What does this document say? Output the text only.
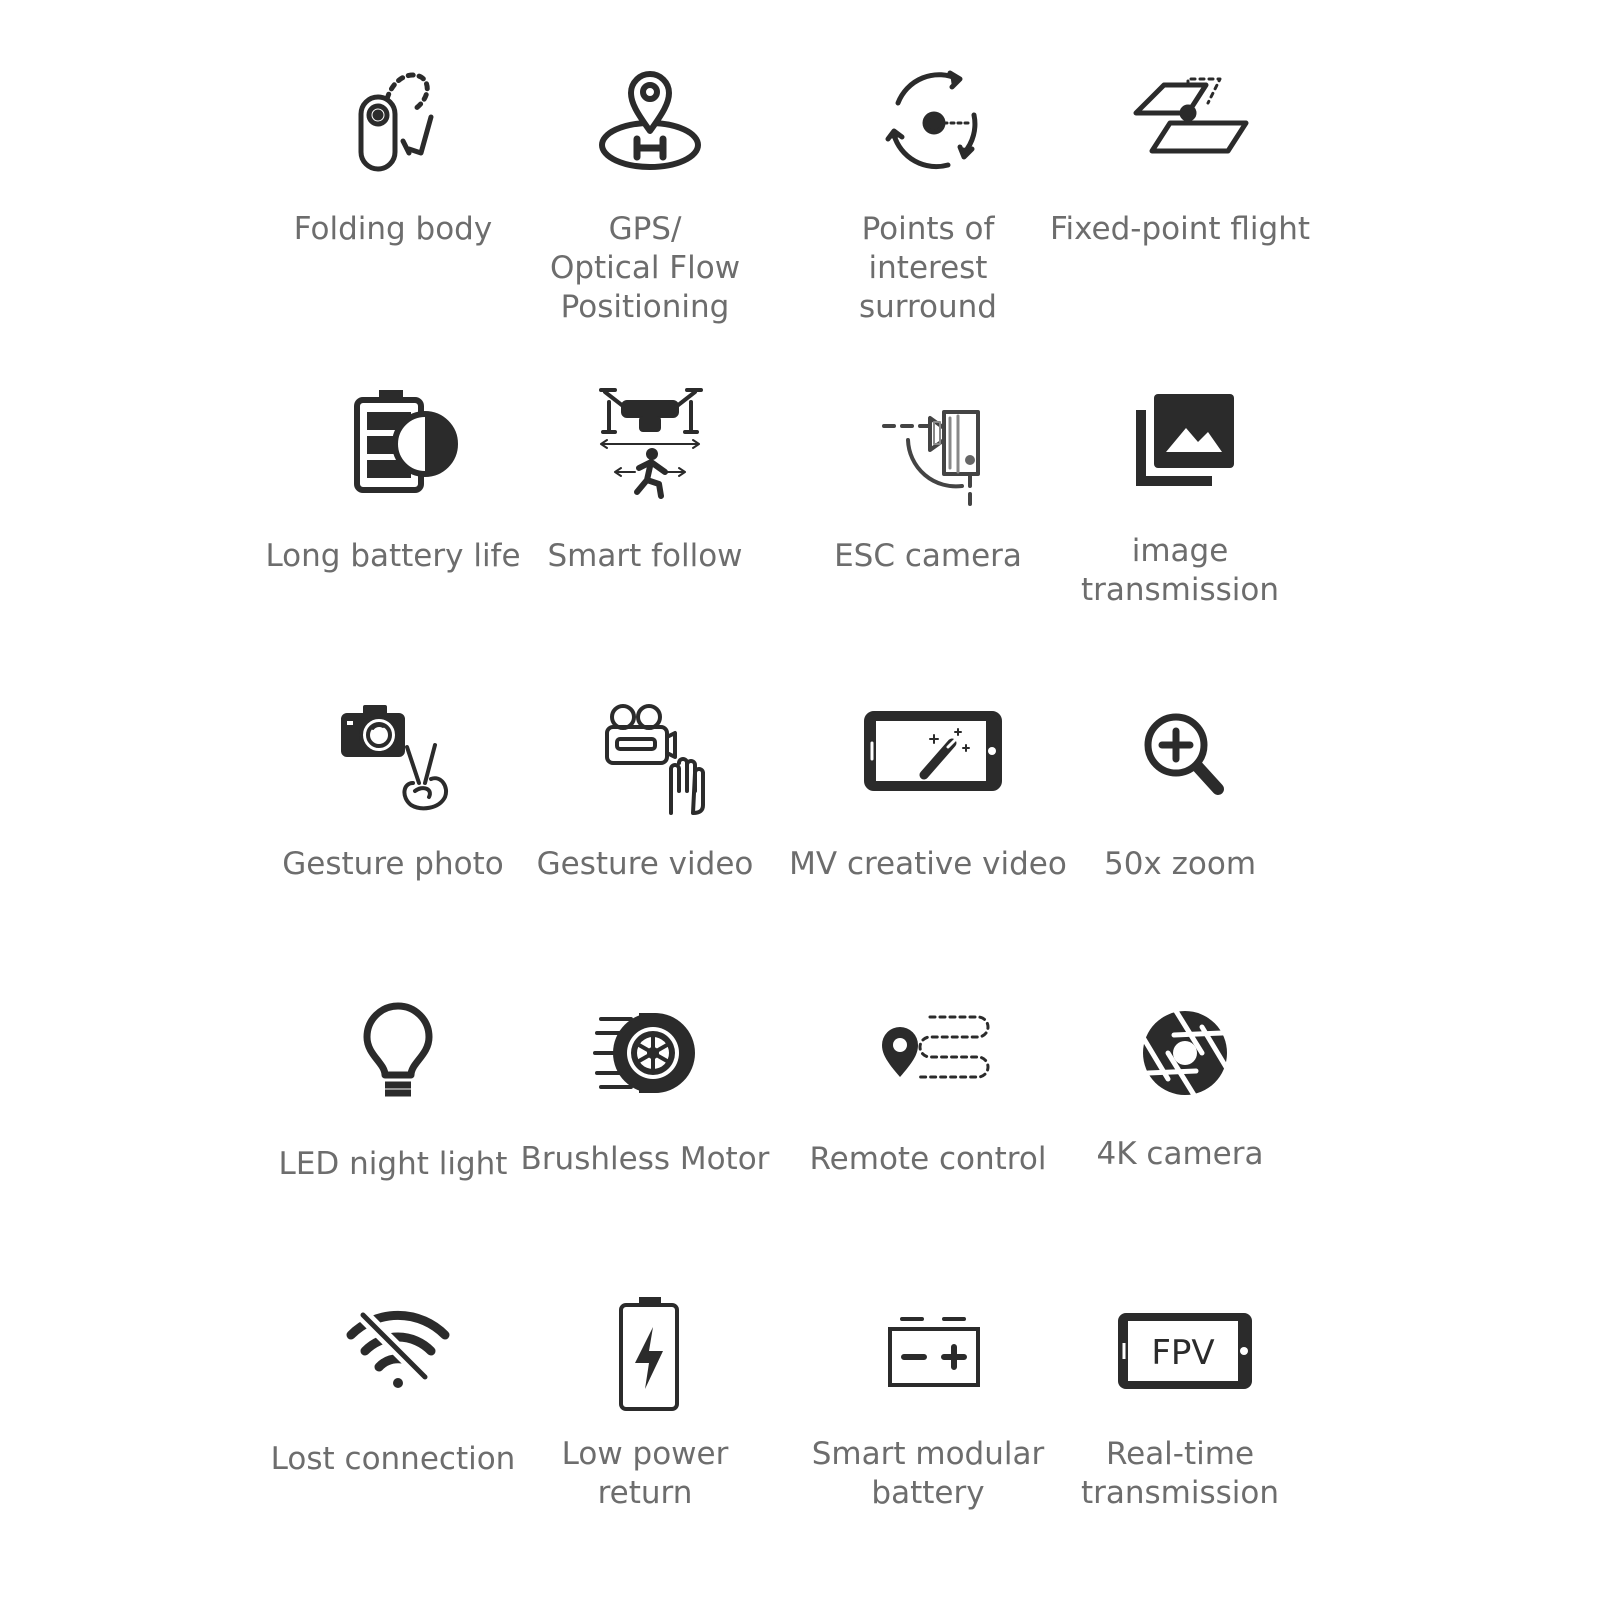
Folding body	GPS/
Optical Flow
Positioning
Points of
interest
surround
Fixed-point flight
Long battery life Smart follow	ESC camera	image
transmission
Gesture photo	Gesture video	MV creative video	50x zoom
LED night light Brushless Motor	Remote control	4K camera
Lost connection	Low power
return
Smart modular
battery
FPV
Real-time
transmission
